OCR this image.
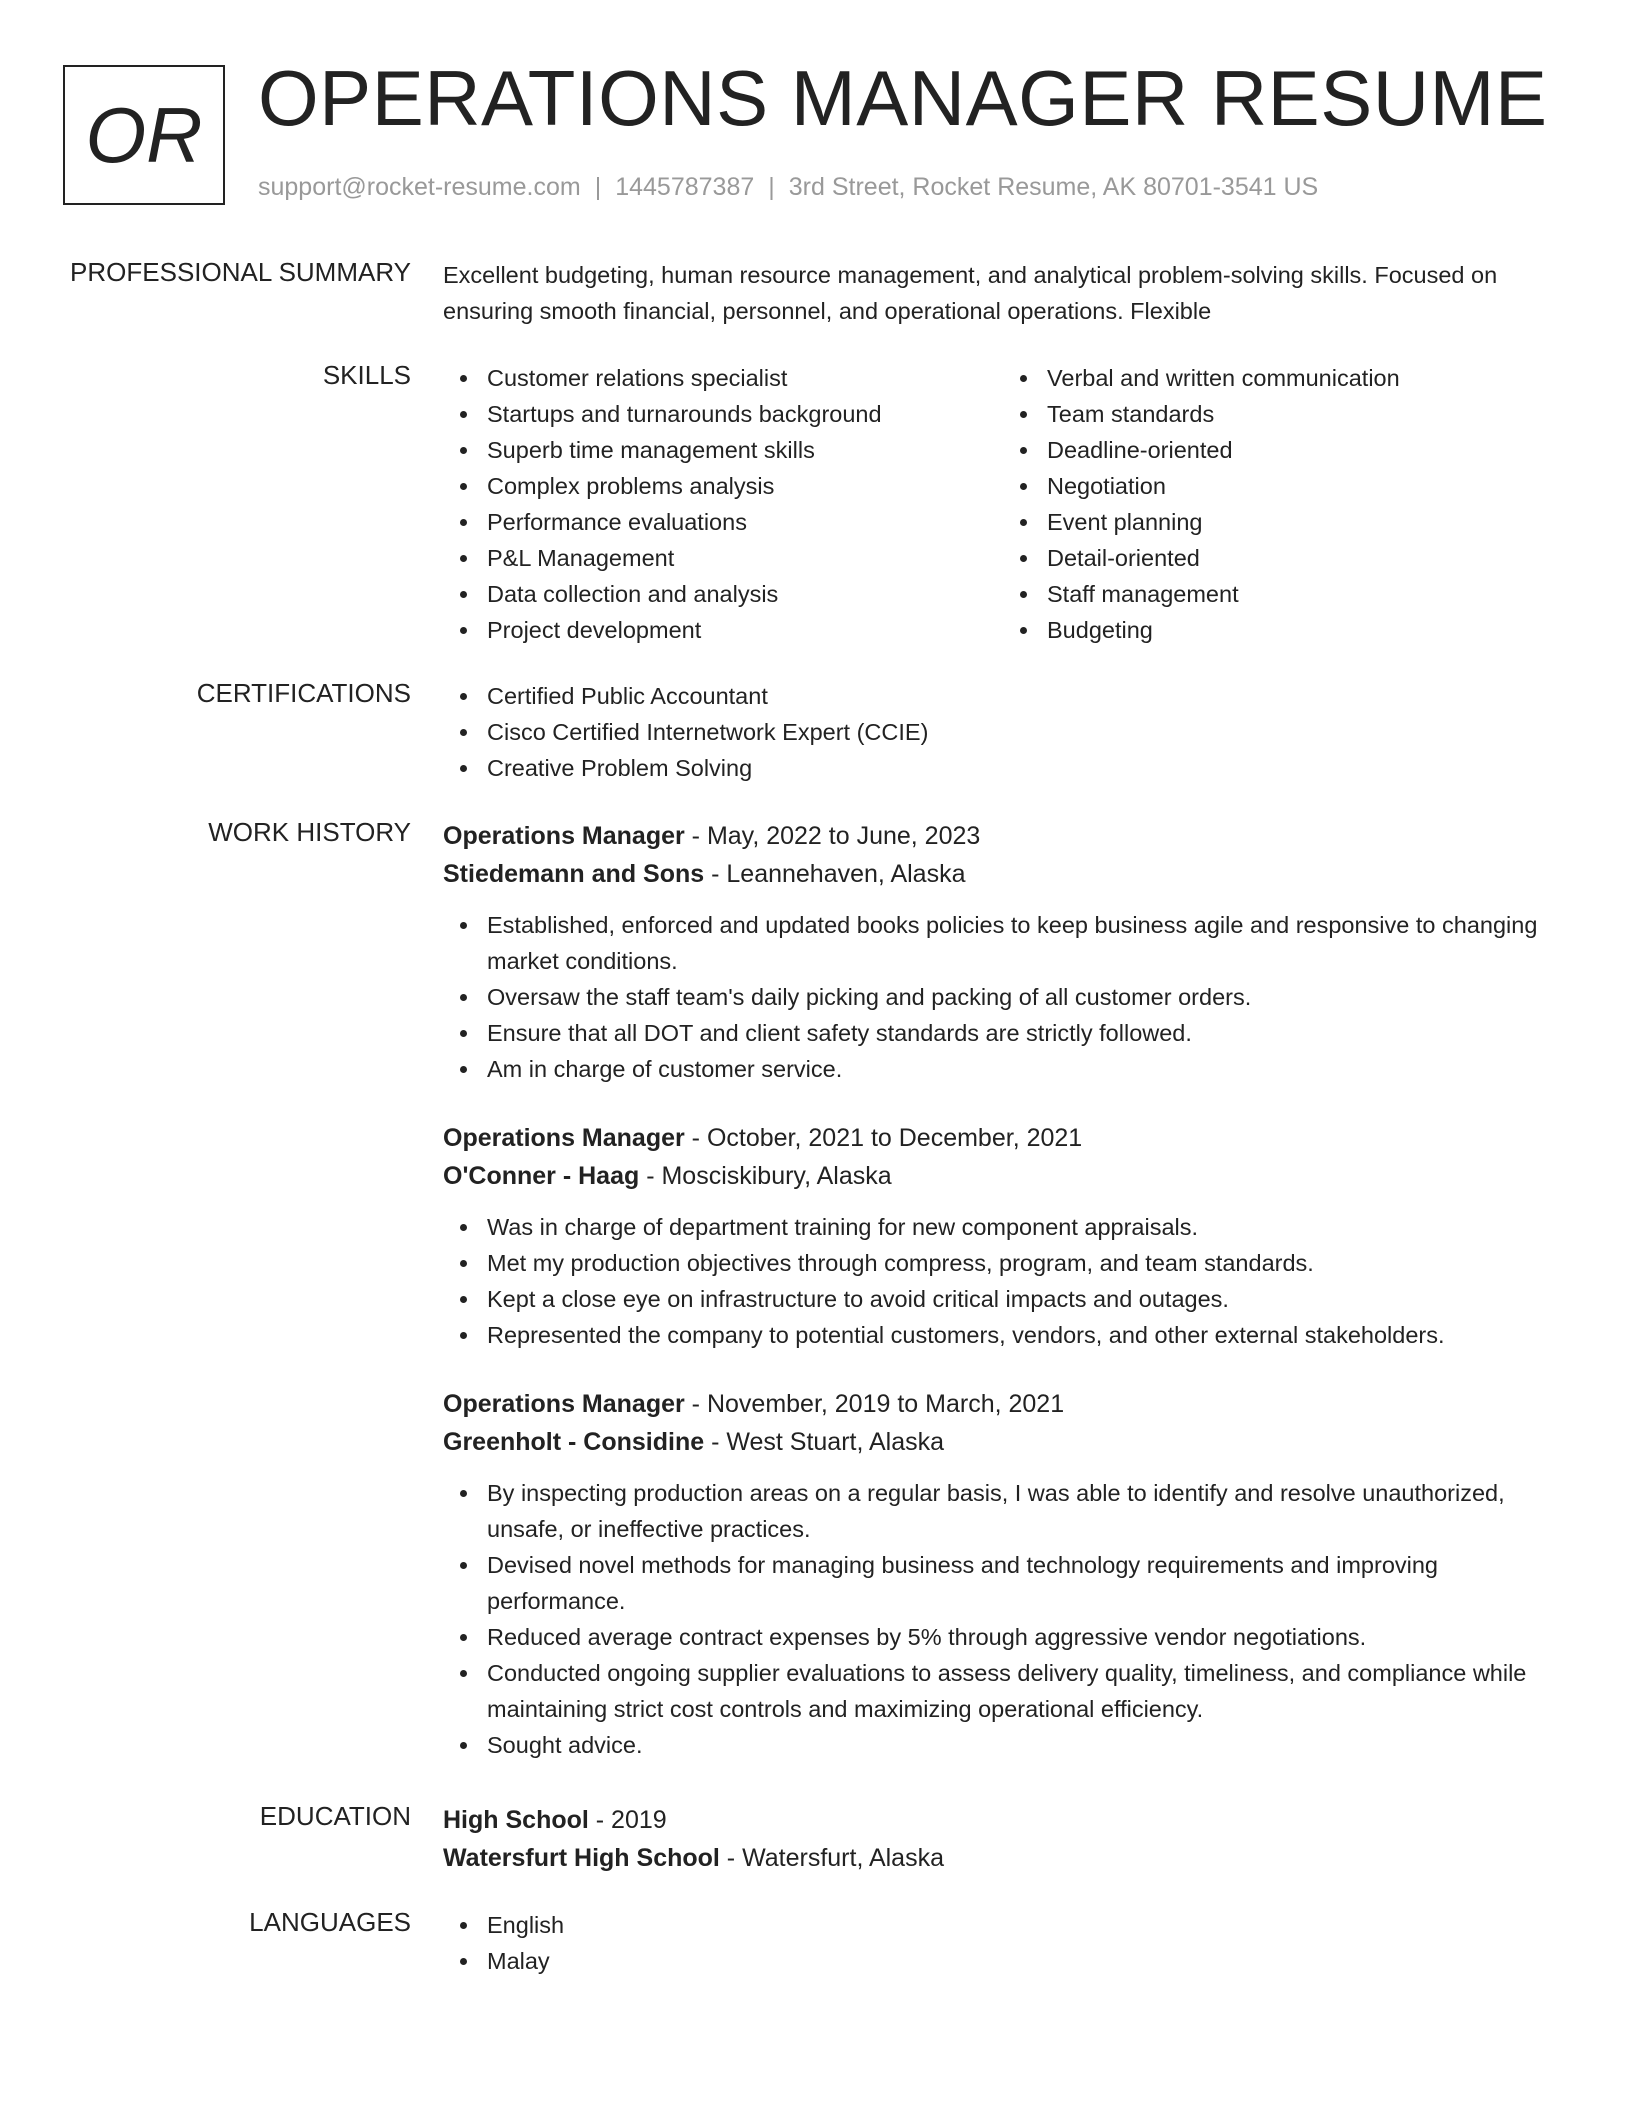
OR OPERATIONS MANAGER RESUME
support@rocket-resume.com | 1445787387 | 3rd Street, Rocket Resume, AK 80701-3541 US
PROFESSIONAL SUMMARY Excellent budgeting, human resource management, and analytical problem-solving skills. Focused on ensuring smooth financial, personnel, and operational operations. Flexible
SKILLS	Customer relations specialist
Startups and turnarounds background
Superb time management skills
Complex problems analysis
Performance evaluations
P&L Management
Data collection and analysis
Project development
Verbal and written communication
Team standards
Deadline-oriented
Negotiation
Event planning
Detail-oriented
Staff management
Budgeting
CERTIFICATIONS	Certified Public Accountant
Cisco Certified Internetwork Expert (CCIE)
Creative Problem Solving
WORK HISTORY Operations Manager - May, 2022 to June, 2023
Stiedemann and Sons - Leannehaven, Alaska
Established, enforced and updated books policies to keep business agile and responsive to changing market conditions.
Oversaw the staff team's daily picking and packing of all customer orders.
Ensure that all DOT and client safety standards are strictly followed.
Am in charge of customer service.
Operations Manager - October, 2021 to December, 2021
O'Conner - Haag - Mosciskibury, Alaska
Was in charge of department training for new component appraisals.
Met my production objectives through compress, program, and team standards.
Kept a close eye on infrastructure to avoid critical impacts and outages.
Represented the company to potential customers, vendors, and other external stakeholders.
Operations Manager - November, 2019 to March, 2021
Greenholt - Considine - West Stuart, Alaska
By inspecting production areas on a regular basis, I was able to identify and resolve unauthorized, unsafe, or ineffective practices.
Devised novel methods for managing business and technology requirements and improving performance.
Reduced average contract expenses by 5% through aggressive vendor negotiations.
Conducted ongoing supplier evaluations to assess delivery quality, timeliness, and compliance while maintaining strict cost controls and maximizing operational efficiency.
Sought advice.
EDUCATION High School - 2019
Watersfurt High School - Watersfurt, Alaska
LANGUAGES	English
Malay
